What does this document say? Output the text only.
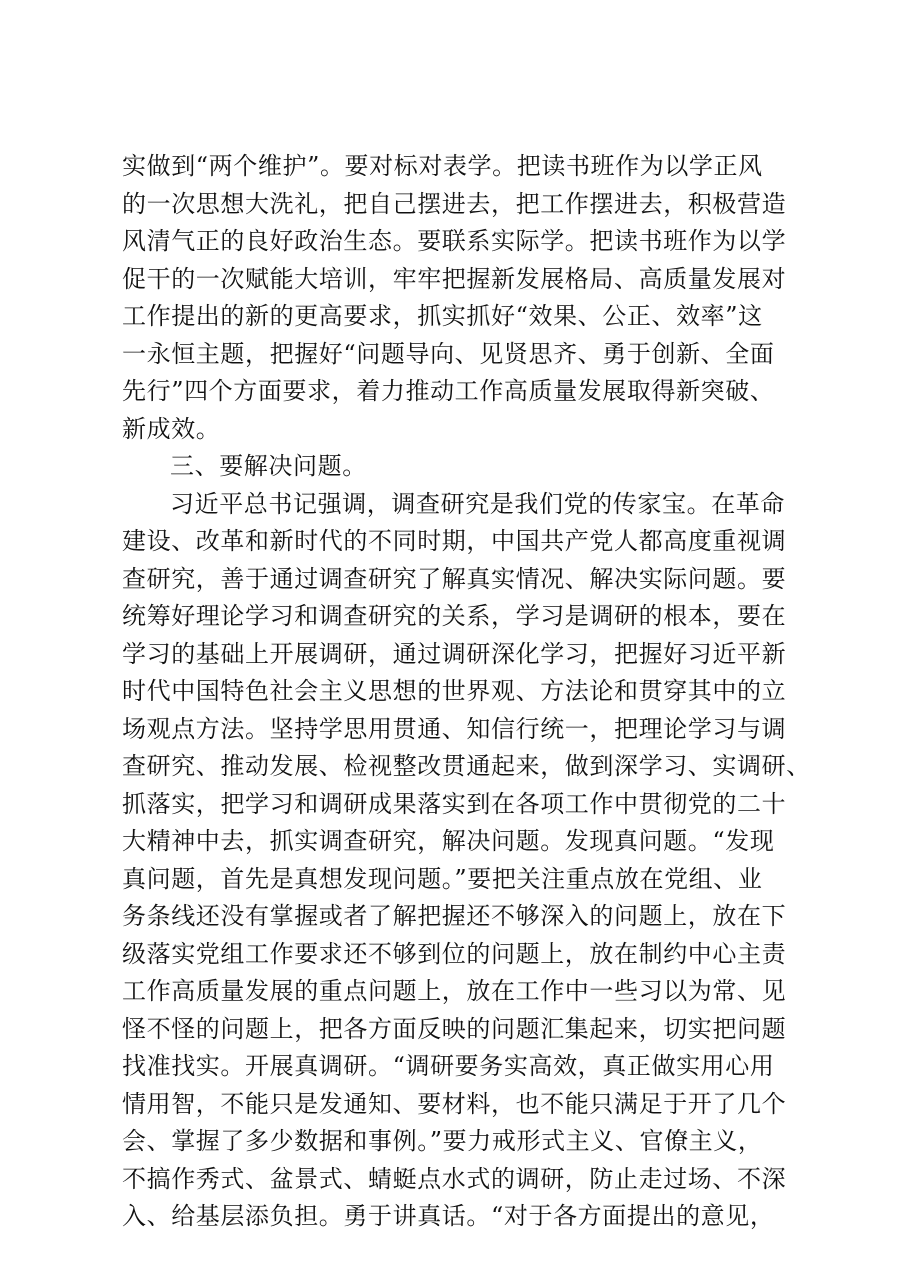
实做到“两个维护”。要对标对表学。把读书班作为以学正风
的一次思想大洗礼，把自己摆进去，把工作摆进去，积极营造
风清气正的良好政治生态。要联系实际学。把读书班作为以学
促干的一次赋能大培训，牢牢把握新发展格局、高质量发展对
工作提出的新的更高要求，抓实抓好“效果、公正、效率”这
一永恒主题，把握好“问题导向、见贤思齐、勇于创新、全面
先行”四个方面要求，着力推动工作高质量发展取得新突破、
新成效。
三、要解决问题。
习近平总书记强调，调查研究是我们党的传家宝。在革命
建设、改革和新时代的不同时期，中国共产党人都高度重视调
查研究，善于通过调查研究了解真实情况、解决实际问题。要
统筹好理论学习和调查研究的关系，学习是调研的根本，要在
学习的基础上开展调研，通过调研深化学习，把握好习近平新
时代中国特色社会主义思想的世界观、方法论和贯穿其中的立
场观点方法。坚持学思用贯通、知信行统一，把理论学习与调
查研究、推动发展、检视整改贯通起来，做到深学习、实调研、
抓落实，把学习和调研成果落实到在各项工作中贯彻党的二十
大精神中去，抓实调查研究，解决问题。发现真问题。“发现
真问题，首先是真想发现问题。”要把关注重点放在党组、业
务条线还没有掌握或者了解把握还不够深入的问题上，放在下
级落实党组工作要求还不够到位的问题上，放在制约中心主责
工作高质量发展的重点问题上，放在工作中一些习以为常、见
怪不怪的问题上，把各方面反映的问题汇集起来，切实把问题
找准找实。开展真调研。“调研要务实高效，真正做实用心用
情用智，不能只是发通知、要材料，也不能只满足于开了几个
会、掌握了多少数据和事例。”要力戒形式主义、官僚主义，
不搞作秀式、盆景式、蜻蜓点水式的调研，防止走过场、不深
入、给基层添负担。勇于讲真话。“对于各方面提出的意见，
